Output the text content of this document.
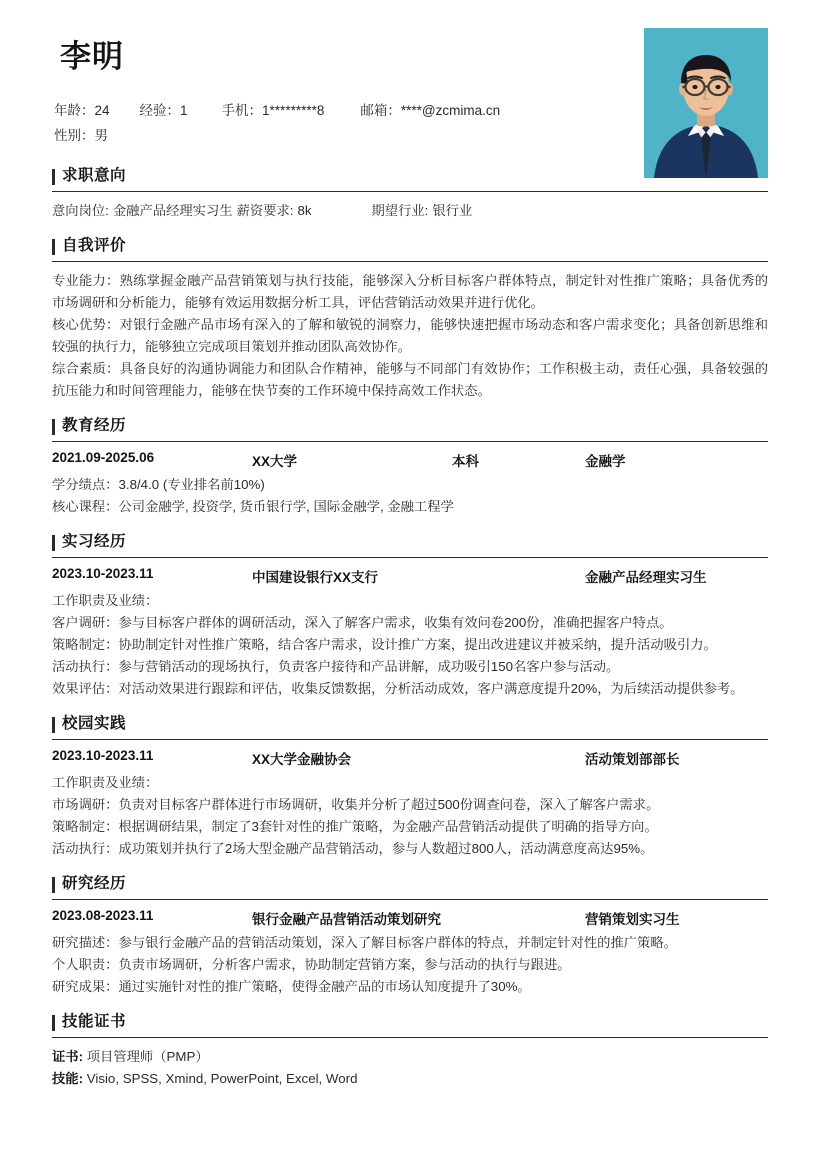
李明
年龄：24 经验：1	手机：1*********8	邮箱：****@zcmima.cn
性别：男
求职意向
意向岗位: 金融产品经理实习生 薪资要求: 8k	期望行业: 银行业
自我评价

专业能力：熟练掌握金融产品营销策划与执行技能，能够深入分析目标客户群体特点，制定针对性推广策略；具备优秀的市场调研和分析能力，能够有效运用数据分析工具，评估营销活动效果并进行优化。

核心优势：对银行金融产品市场有深入的了解和敏锐的洞察力，能够快速把握市场动态和客户需求变化；具备创新思维和较强的执行力，能够独立完成项目策划并推动团队高效协作。

综合素质：具备良好的沟通协调能力和团队合作精神，能够与不同部门有效协作；工作积极主动，责任心强，具备较强的抗压能力和时间管理能力，能够在快节奏的工作环境中保持高效工作状态。

教育经历
2021.09-2025.06	XX大学	本科	金融学

学分绩点：3.8/4.0 (专业排名前10%)

核心课程：公司金融学, 投资学, 货币银行学, 国际金融学, 金融工程学

实习经历
2023.10-2023.11	中国建设银行XX支行	金融产品经理实习生

工作职责及业绩：

客户调研：参与目标客户群体的调研活动，深入了解客户需求，收集有效问卷200份，准确把握客户特点。

策略制定：协助制定针对性推广策略，结合客户需求，设计推广方案，提出改进建议并被采纳，提升活动吸引力。

活动执行：参与营销活动的现场执行，负责客户接待和产品讲解，成功吸引150名客户参与活动。

效果评估：对活动效果进行跟踪和评估，收集反馈数据，分析活动成效，客户满意度提升20%，为后续活动提供参考。

校园实践
2023.10-2023.11	XX大学金融协会	活动策划部部长

工作职责及业绩：

市场调研：负责对目标客户群体进行市场调研，收集并分析了超过500份调查问卷，深入了解客户需求。

策略制定：根据调研结果，制定了3套针对性的推广策略，为金融产品营销活动提供了明确的指导方向。

活动执行：成功策划并执行了2场大型金融产品营销活动，参与人数超过800人，活动满意度高达95%。

研究经历
2023.08-2023.11	银行金融产品营销活动策划研究	营销策划实习生

研究描述：参与银行金融产品的营销活动策划，深入了解目标客户群体的特点，并制定针对性的推广策略。

个人职责：负责市场调研，分析客户需求，协助制定营销方案，参与活动的执行与跟进。

研究成果：通过实施针对性的推广策略，使得金融产品的市场认知度提升了30%。

技能证书

证书: 项目管理师（PMP）

技能: Visio, SPSS, Xmind, PowerPoint, Excel, Word
